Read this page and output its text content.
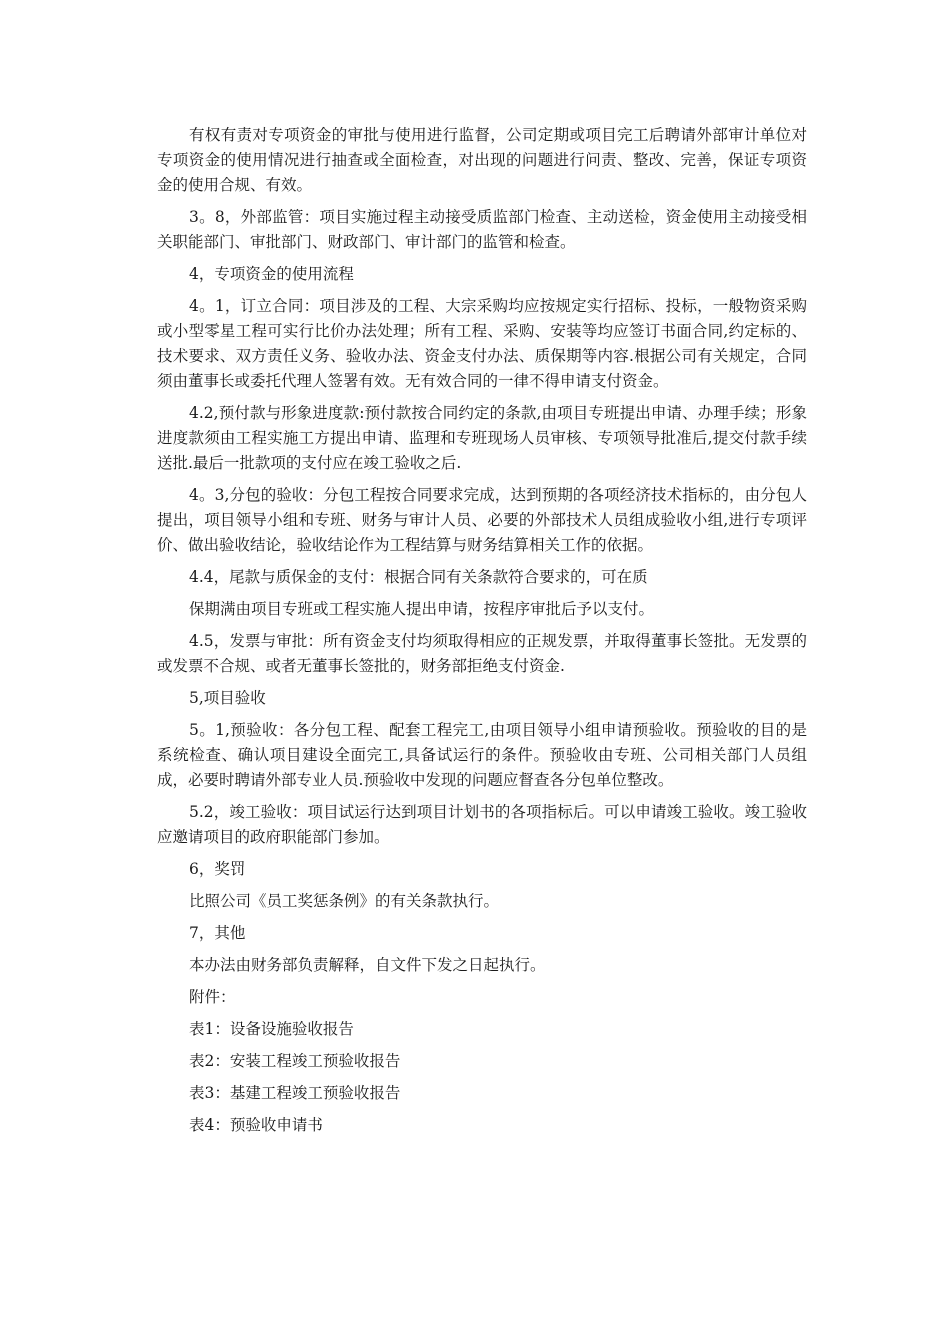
有权有责对专项资金的审批与使用进行监督，公司定期或项目完工后聘请外部审计单位对专项资金的使用情况进行抽查或全面检查，对出现的问题进行问责、整改、完善，保证专项资金的使用合规、有效。

3。8，外部监管：项目实施过程主动接受质监部门检查、主动送检，资金使用主动接受相关职能部门、审批部门、财政部门、审计部门的监管和检查。

4，专项资金的使用流程

4。1，订立合同：项目涉及的工程、大宗采购均应按规定实行招标、投标，一般物资采购或小型零星工程可实行比价办法处理；所有工程、采购、安装等均应签订书面合同,约定标的、技术要求、双方责任义务、验收办法、资金支付办法、质保期等内容.根据公司有关规定，合同须由董事长或委托代理人签署有效。无有效合同的一律不得申请支付资金。

4.2,预付款与形象进度款:预付款按合同约定的条款,由项目专班提出申请、办理手续；形象进度款须由工程实施工方提出申请、监理和专班现场人员审核、专项领导批准后,提交付款手续送批.最后一批款项的支付应在竣工验收之后.

4。3,分包的验收：分包工程按合同要求完成，达到预期的各项经济技术指标的，由分包人提出，项目领导小组和专班、财务与审计人员、必要的外部技术人员组成验收小组,进行专项评价、做出验收结论，验收结论作为工程结算与财务结算相关工作的依据。

4.4，尾款与质保金的支付：根据合同有关条款符合要求的，可在质

保期满由项目专班或工程实施人提出申请，按程序审批后予以支付。

4.5，发票与审批：所有资金支付均须取得相应的正规发票，并取得董事长签批。无发票的或发票不合规、或者无董事长签批的，财务部拒绝支付资金.

5,项目验收

5。1,预验收：各分包工程、配套工程完工,由项目领导小组申请预验收。预验收的目的是系统检查、确认项目建设全面完工,具备试运行的条件。预验收由专班、公司相关部门人员组成，必要时聘请外部专业人员.预验收中发现的问题应督查各分包单位整改。

5.2，竣工验收：项目试运行达到项目计划书的各项指标后。可以申请竣工验收。竣工验收应邀请项目的政府职能部门参加。

6，奖罚

比照公司《员工奖惩条例》的有关条款执行。

7，其他

本办法由财务部负责解释，自文件下发之日起执行。

附件：

表1：设备设施验收报告

表2：安装工程竣工预验收报告

表3：基建工程竣工预验收报告

表4：预验收申请书
